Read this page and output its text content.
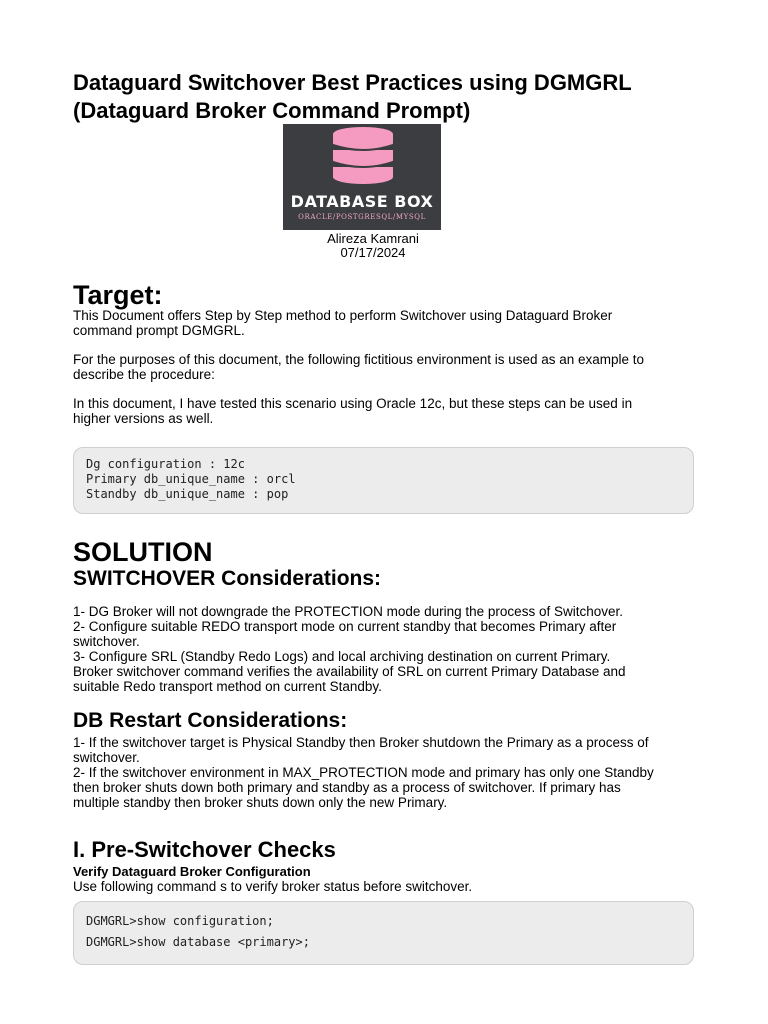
Dataguard Switchover Best Practices using DGMGRL
(Dataguard Broker Command Prompt)
DATABASE BOX
ORACLE/POSTGRESQL/MYSQL
Alireza Kamrani
07/17/2024
Target:

This Document offers Step by Step method to perform Switchover using Dataguard Broker
command prompt DGMGRL.

For the purposes of this document, the following fictitious environment is used as an example to
describe the procedure:

In this document, I have tested this scenario using Oracle 12c, but these steps can be used in
higher versions as well.

Dg configuration : 12c
Primary db_unique_name : orcl
Standby db_unique_name : pop
SOLUTION
SWITCHOVER Considerations:

1- DG Broker will not downgrade the PROTECTION mode during the process of Switchover.
2- Configure suitable REDO transport mode on current standby that becomes Primary after
switchover.
3- Configure SRL (Standby Redo Logs) and local archiving destination on current Primary.
Broker switchover command verifies the availability of SRL on current Primary Database and
suitable Redo transport method on current Standby.

DB Restart Considerations:

1- If the switchover target is Physical Standby then Broker shutdown the Primary as a process of
switchover.
2- If the switchover environment in MAX_PROTECTION mode and primary has only one Standby
then broker shuts down both primary and standby as a process of switchover. If primary has
multiple standby then broker shuts down only the new Primary.

I. Pre-Switchover Checks

Verify Dataguard Broker Configuration

Use following command s to verify broker status before switchover.

DGMGRL>show configuration;
DGMGRL>show database <primary>;
